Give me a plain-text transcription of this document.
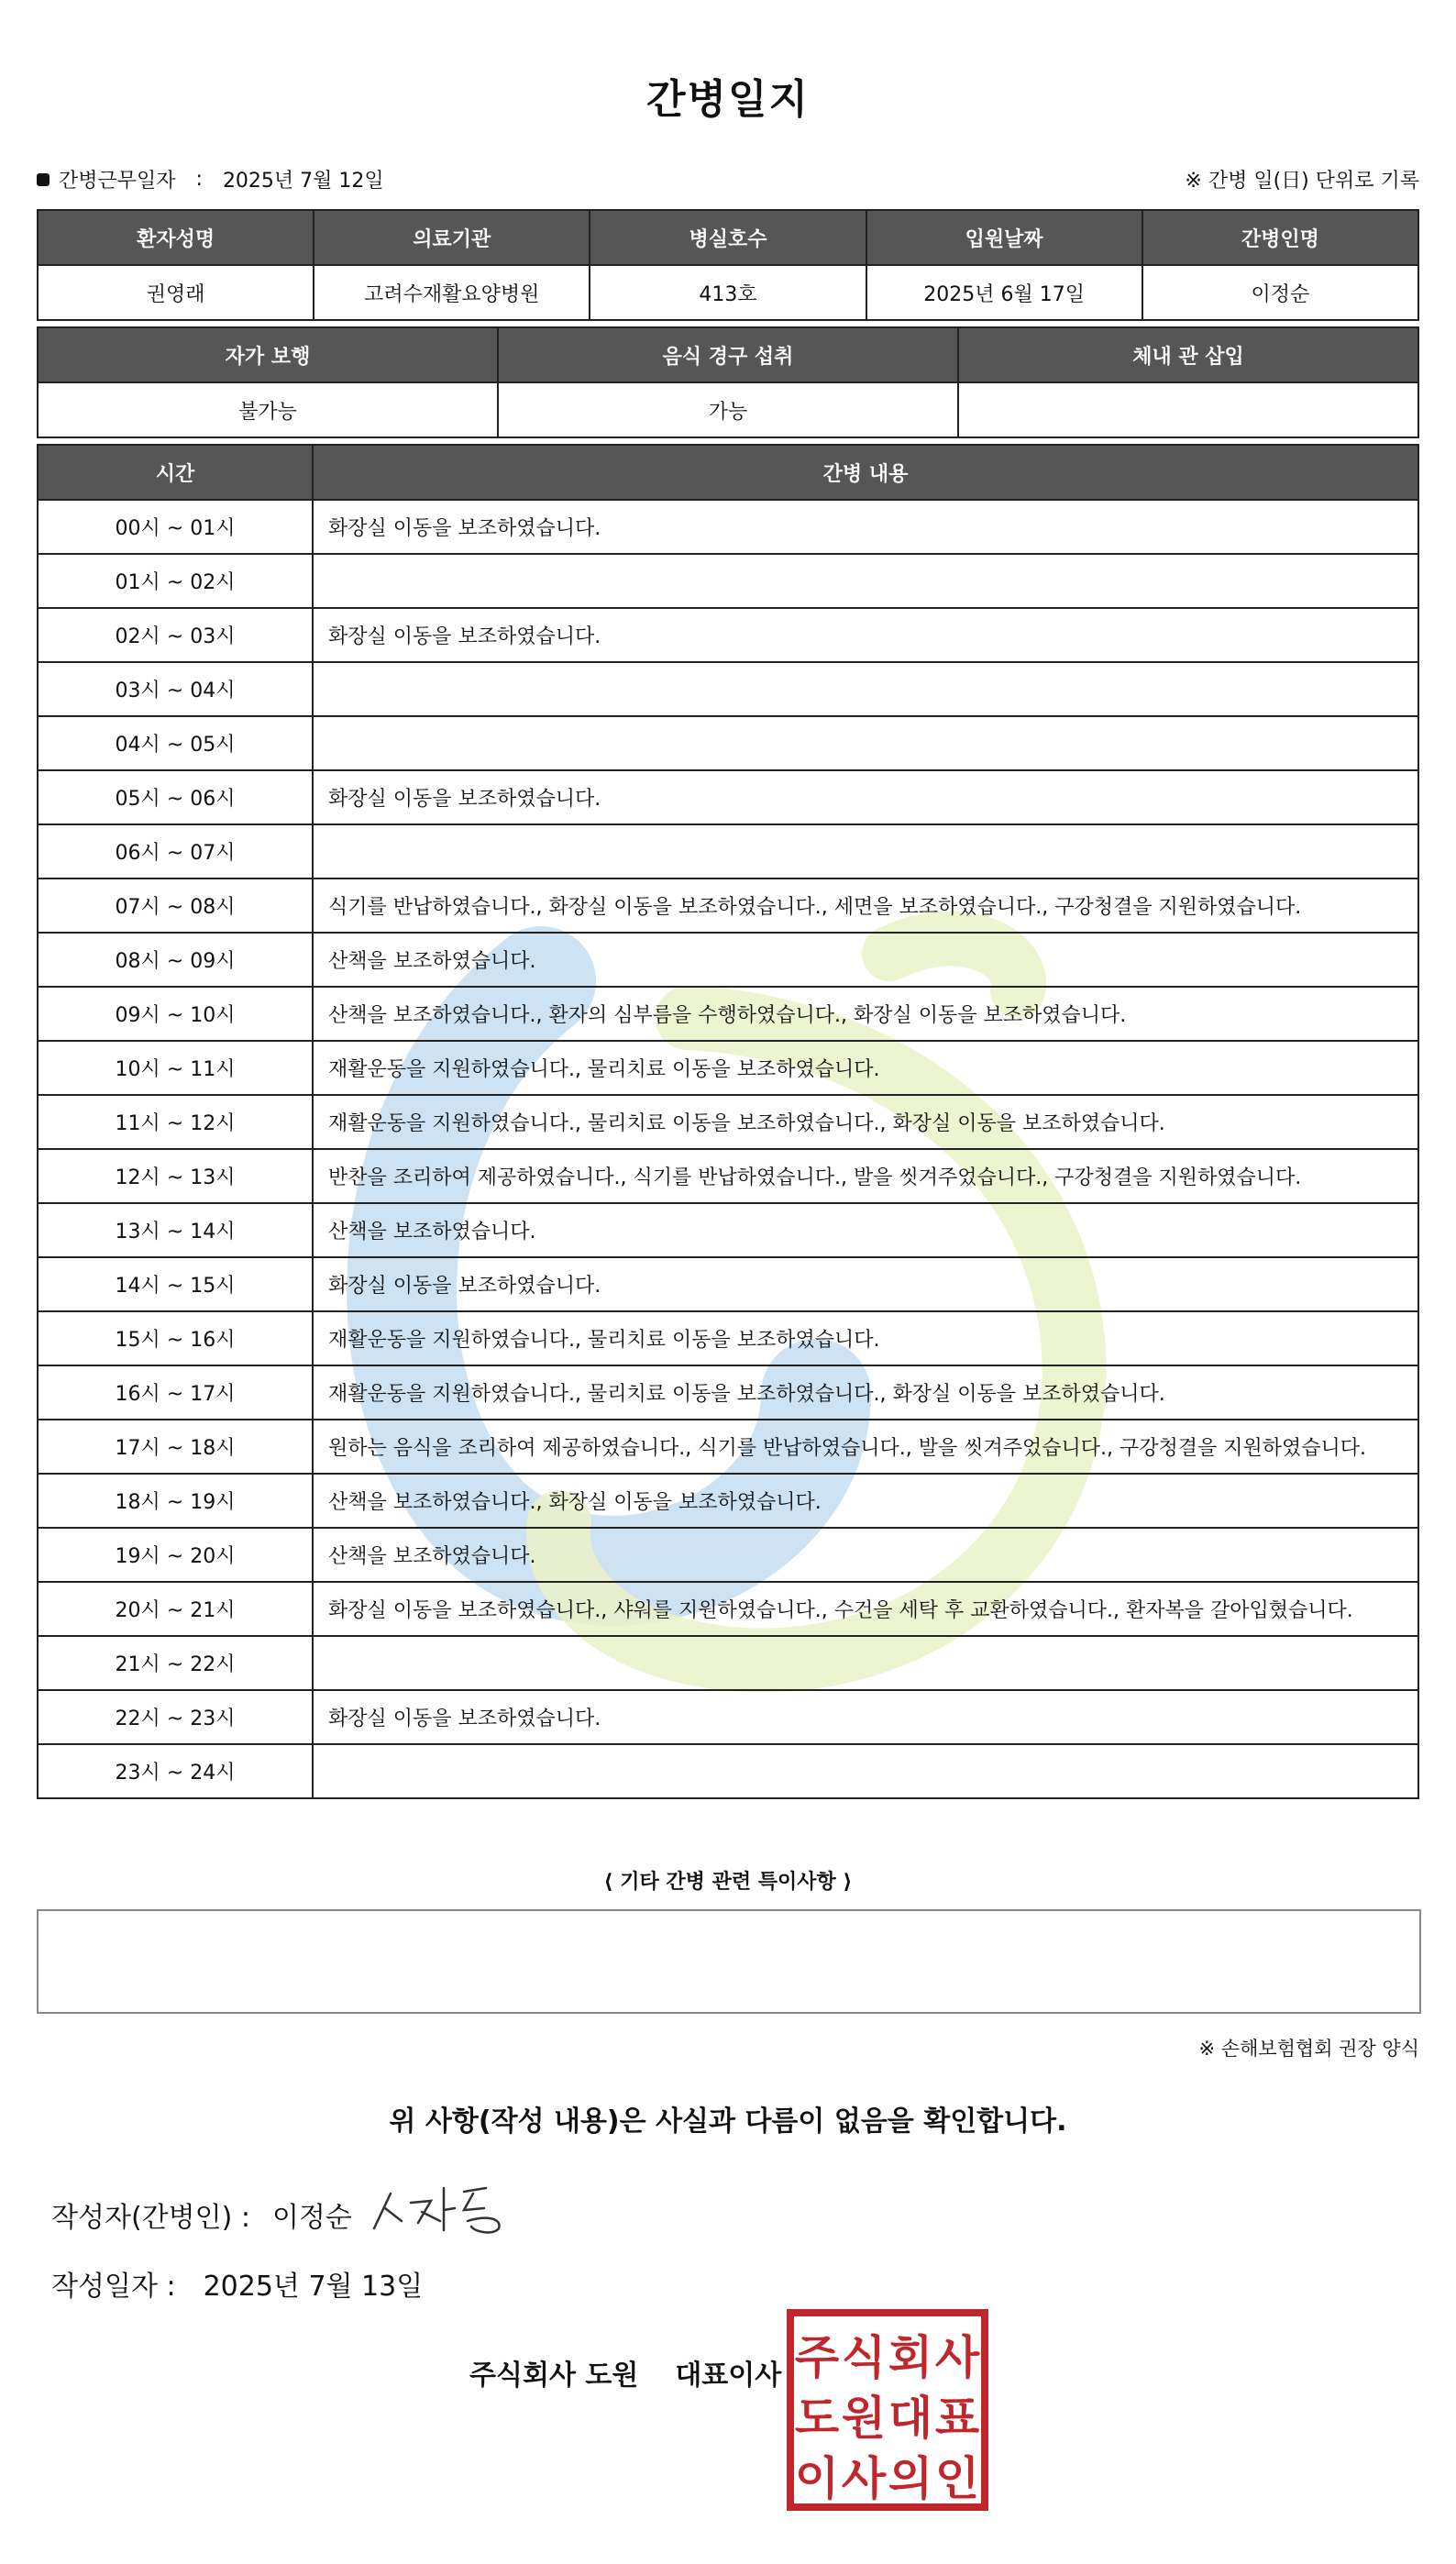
간병일지
간병근무일자 : 2025년 7월 12일	※ 간병 일(日) 단위로 기록
환자성명	의료기관	병실호수	입원날짜	간병인명
권영래	고려수재활요양병원	413호	2025년 6월 17일	이정순
자가 보행	음식 경구 섭취	체내 관 삽입
불가능	가능	
시간	간병 내용
00시 ~ 01시	화장실 이동을 보조하였습니다.
01시 ~ 02시	
02시 ~ 03시	화장실 이동을 보조하였습니다.
03시 ~ 04시	
04시 ~ 05시	
05시 ~ 06시	화장실 이동을 보조하였습니다.
06시 ~ 07시	
07시 ~ 08시	식기를 반납하였습니다., 화장실 이동을 보조하였습니다., 세면을 보조하였습니다., 구강청결을 지원하였습니다.
08시 ~ 09시	산책을 보조하였습니다.
09시 ~ 10시	산책을 보조하였습니다., 환자의 심부름을 수행하였습니다., 화장실 이동을 보조하였습니다.
10시 ~ 11시	재활운동을 지원하였습니다., 물리치료 이동을 보조하였습니다.
11시 ~ 12시	재활운동을 지원하였습니다., 물리치료 이동을 보조하였습니다., 화장실 이동을 보조하였습니다.
12시 ~ 13시	반찬을 조리하여 제공하였습니다., 식기를 반납하였습니다., 발을 씻겨주었습니다., 구강청결을 지원하였습니다.
13시 ~ 14시	산책을 보조하였습니다.
14시 ~ 15시	화장실 이동을 보조하였습니다.
15시 ~ 16시	재활운동을 지원하였습니다., 물리치료 이동을 보조하였습니다.
16시 ~ 17시	재활운동을 지원하였습니다., 물리치료 이동을 보조하였습니다., 화장실 이동을 보조하였습니다.
17시 ~ 18시	원하는 음식을 조리하여 제공하였습니다., 식기를 반납하였습니다., 발을 씻겨주었습니다., 구강청결을 지원하였습니다.
18시 ~ 19시	산책을 보조하였습니다., 화장실 이동을 보조하였습니다.
19시 ~ 20시	산책을 보조하였습니다.
20시 ~ 21시	화장실 이동을 보조하였습니다., 샤워를 지원하였습니다., 수건을 세탁 후 교환하였습니다., 환자복을 갈아입혔습니다.
21시 ~ 22시	
22시 ~ 23시	화장실 이동을 보조하였습니다.
23시 ~ 24시	
⟨ 기타 간병 관련 특이사항 ⟩
※ 손해보험협회 권장 양식
위 사항(작성 내용)은 사실과 다름이 없음을 확인합니다.
작성자(간병인) : 이정순
작성일자 : 2025년 7월 13일
주식회사 도원 대표이사 주 식 회 사
도 원 대 표
이 사 의 인
